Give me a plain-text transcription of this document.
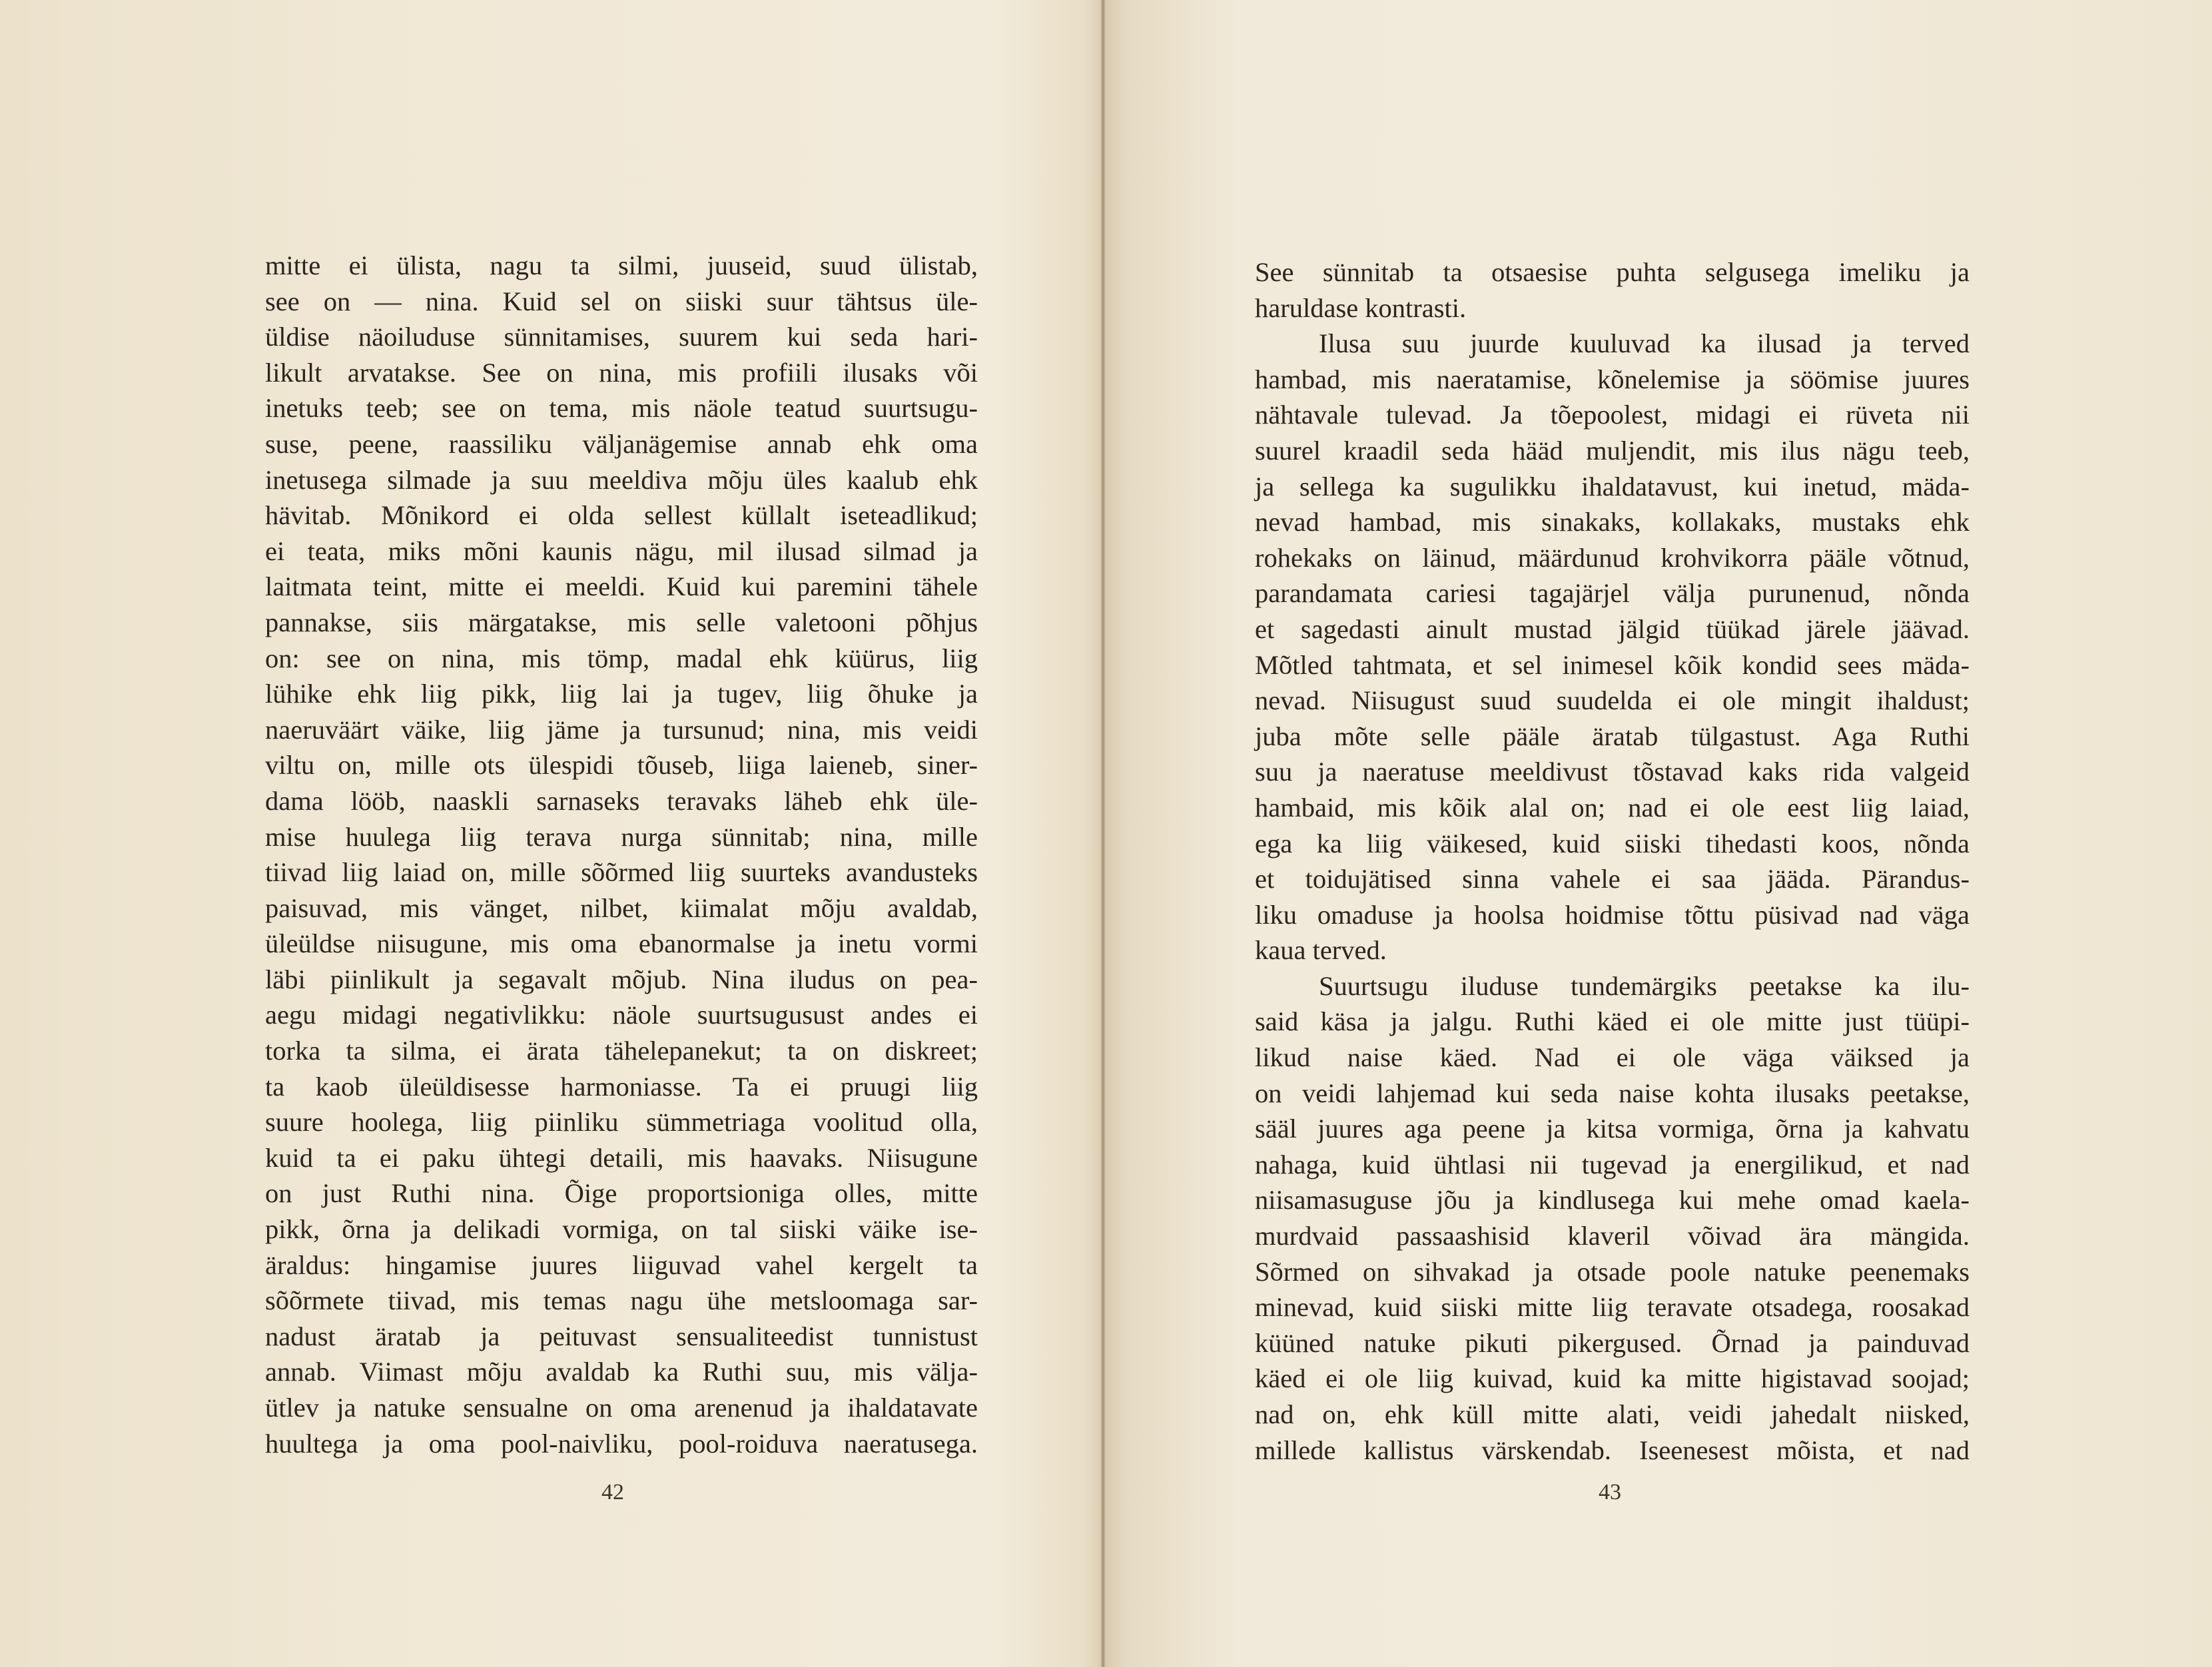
mitte ei ülista, nagu ta silmi, juuseid, suud ülistab,
see on — nina. Kuid sel on siiski suur tähtsus üle-
üldise näoiluduse sünnitamises, suurem kui seda hari-
likult arvatakse. See on nina, mis profiili ilusaks või
inetuks teeb; see on tema, mis näole teatud suurtsugu-
suse, peene, raassiliku väljanägemise annab ehk oma
inetusega silmade ja suu meeldiva mõju üles kaalub ehk
hävitab. Mõnikord ei olda sellest küllalt iseteadlikud;
ei teata, miks mõni kaunis nägu, mil ilusad silmad ja
laitmata teint, mitte ei meeldi. Kuid kui paremini tähele
pannakse, siis märgatakse, mis selle valetooni põhjus
on: see on nina, mis tömp, madal ehk küürus, liig
lühike ehk liig pikk, liig lai ja tugev, liig õhuke ja
naeruväärt väike, liig jäme ja tursunud; nina, mis veidi
viltu on, mille ots ülespidi tõuseb, liiga laieneb, siner-
dama lööb, naaskli sarnaseks teravaks läheb ehk üle-
mise huulega liig terava nurga sünnitab; nina, mille
tiivad liig laiad on, mille sõõrmed liig suurteks avandusteks
paisuvad, mis vänget, nilbet, kiimalat mõju avaldab,
üleüldse niisugune, mis oma ebanormalse ja inetu vormi
läbi piinlikult ja segavalt mõjub. Nina iludus on pea-
aegu midagi negativlikku: näole suurtsugusust andes ei
torka ta silma, ei ärata tähelepanekut; ta on diskreet;
ta kaob üleüldisesse harmoniasse. Ta ei pruugi liig
suure hoolega, liig piinliku sümmetriaga voolitud olla,
kuid ta ei paku ühtegi detaili, mis haavaks. Niisugune
on just Ruthi nina. Õige proportsioniga olles, mitte
pikk, õrna ja delikadi vormiga, on tal siiski väike ise-
äraldus: hingamise juures liiguvad vahel kergelt ta
sõõrmete tiivad, mis temas nagu ühe metsloomaga sar-
nadust äratab ja peituvast sensualiteedist tunnistust
annab. Viimast mõju avaldab ka Ruthi suu, mis välja-
ütlev ja natuke sensualne on oma arenenud ja ihaldatavate
huultega ja oma pool-naivliku, pool-roiduva naeratusega.
42
See sünnitab ta otsaesise puhta selgusega imeliku ja
haruldase kontrasti.
Ilusa suu juurde kuuluvad ka ilusad ja terved
hambad, mis naeratamise, kõnelemise ja söömise juures
nähtavale tulevad. Ja tõepoolest, midagi ei rüveta nii
suurel kraadil seda hääd muljendit, mis ilus nägu teeb,
ja sellega ka sugulikku ihaldatavust, kui inetud, mäda-
nevad hambad, mis sinakaks, kollakaks, mustaks ehk
rohekaks on läinud, määrdunud krohvikorra pääle võtnud,
parandamata cariesi tagajärjel välja purunenud, nõnda
et sagedasti ainult mustad jälgid tüükad järele jäävad.
Mõtled tahtmata, et sel inimesel kõik kondid sees mäda-
nevad. Niisugust suud suudelda ei ole mingit ihaldust;
juba mõte selle pääle äratab tülgastust. Aga Ruthi
suu ja naeratuse meeldivust tõstavad kaks rida valgeid
hambaid, mis kõik alal on; nad ei ole eest liig laiad,
ega ka liig väikesed, kuid siiski tihedasti koos, nõnda
et toidujätised sinna vahele ei saa jääda. Pärandus-
liku omaduse ja hoolsa hoidmise tõttu püsivad nad väga
kaua terved.
Suurtsugu iluduse tundemärgiks peetakse ka ilu-
said käsa ja jalgu. Ruthi käed ei ole mitte just tüüpi-
likud naise käed. Nad ei ole väga väiksed ja
on veidi lahjemad kui seda naise kohta ilusaks peetakse,
sääl juures aga peene ja kitsa vormiga, õrna ja kahvatu
nahaga, kuid ühtlasi nii tugevad ja energilikud, et nad
niisamasuguse jõu ja kindlusega kui mehe omad kaela-
murdvaid passaashisid klaveril võivad ära mängida.
Sõrmed on sihvakad ja otsade poole natuke peenemaks
minevad, kuid siiski mitte liig teravate otsadega, roosakad
küüned natuke pikuti pikergused. Õrnad ja painduvad
käed ei ole liig kuivad, kuid ka mitte higistavad soojad;
nad on, ehk küll mitte alati, veidi jahedalt niisked,
millede kallistus värskendab. Iseenesest mõista, et nad
43
